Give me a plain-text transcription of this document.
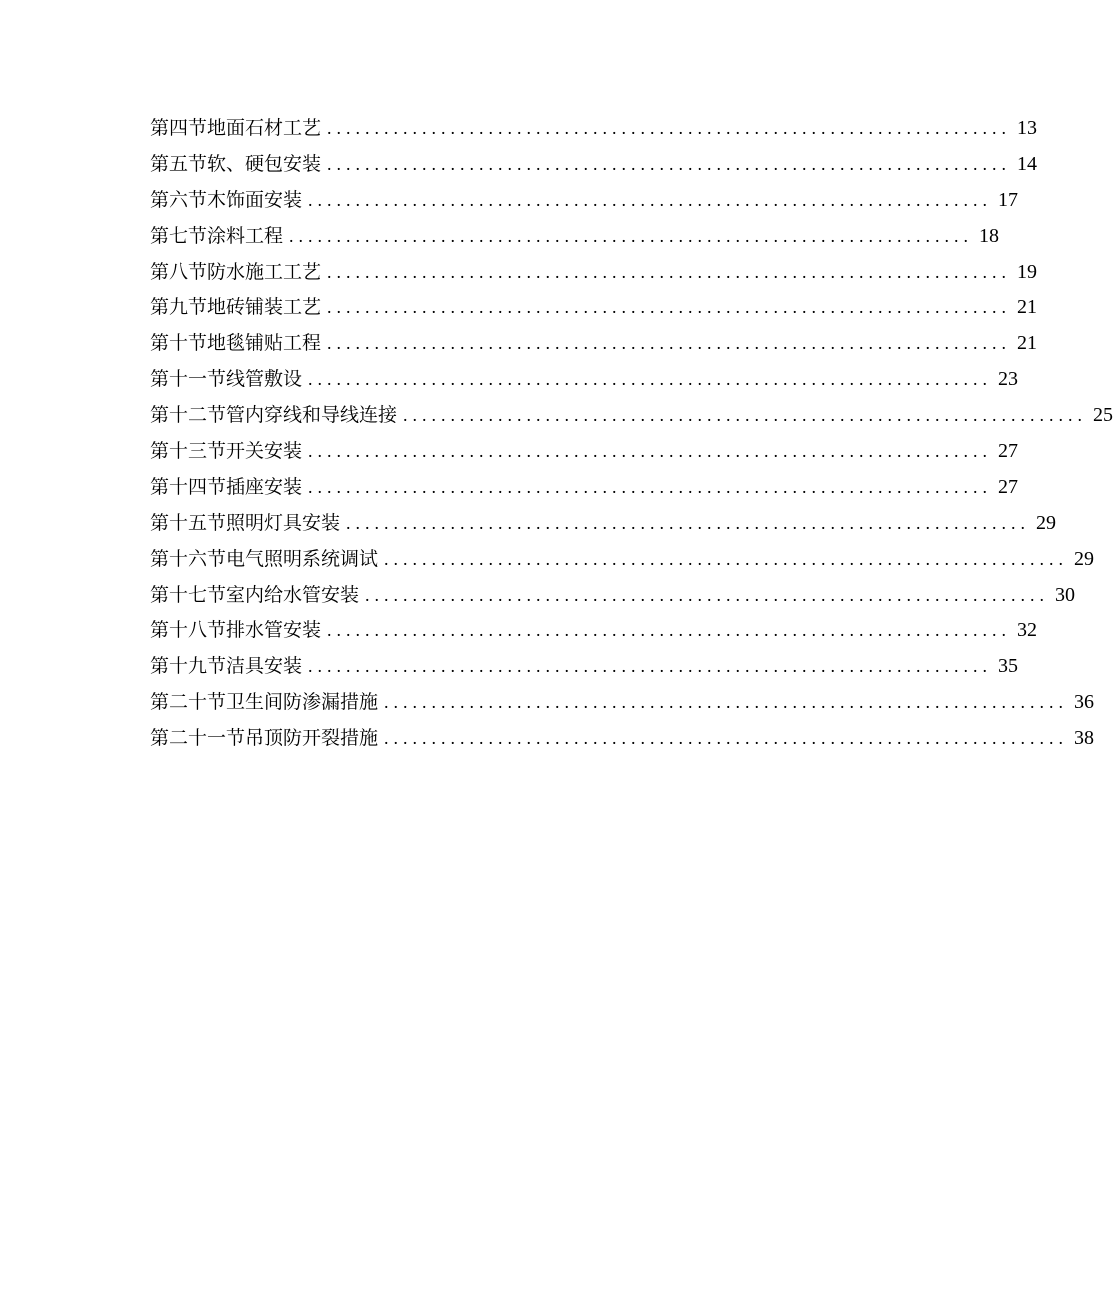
第四节地面石材工艺 ........................................................................ 13
第五节软、硬包安装 ........................................................................ 14
第六节木饰面安装 ........................................................................ 17
第七节涂料工程 ........................................................................ 18
第八节防水施工工艺 ........................................................................ 19
第九节地砖铺装工艺 ........................................................................ 21
第十节地毯铺贴工程 ........................................................................ 21
第十一节线管敷设 ........................................................................ 23
第十二节管内穿线和导线连接 ........................................................................ 25
第十三节开关安装 ........................................................................ 27
第十四节插座安装 ........................................................................ 27
第十五节照明灯具安装 ........................................................................ 29
第十六节电气照明系统调试 ........................................................................ 29
第十七节室内给水管安装 ........................................................................ 30
第十八节排水管安装 ........................................................................ 32
第十九节洁具安装 ........................................................................ 35
第二十节卫生间防渗漏措施 ........................................................................ 36
第二十一节吊顶防开裂措施 ........................................................................ 38
